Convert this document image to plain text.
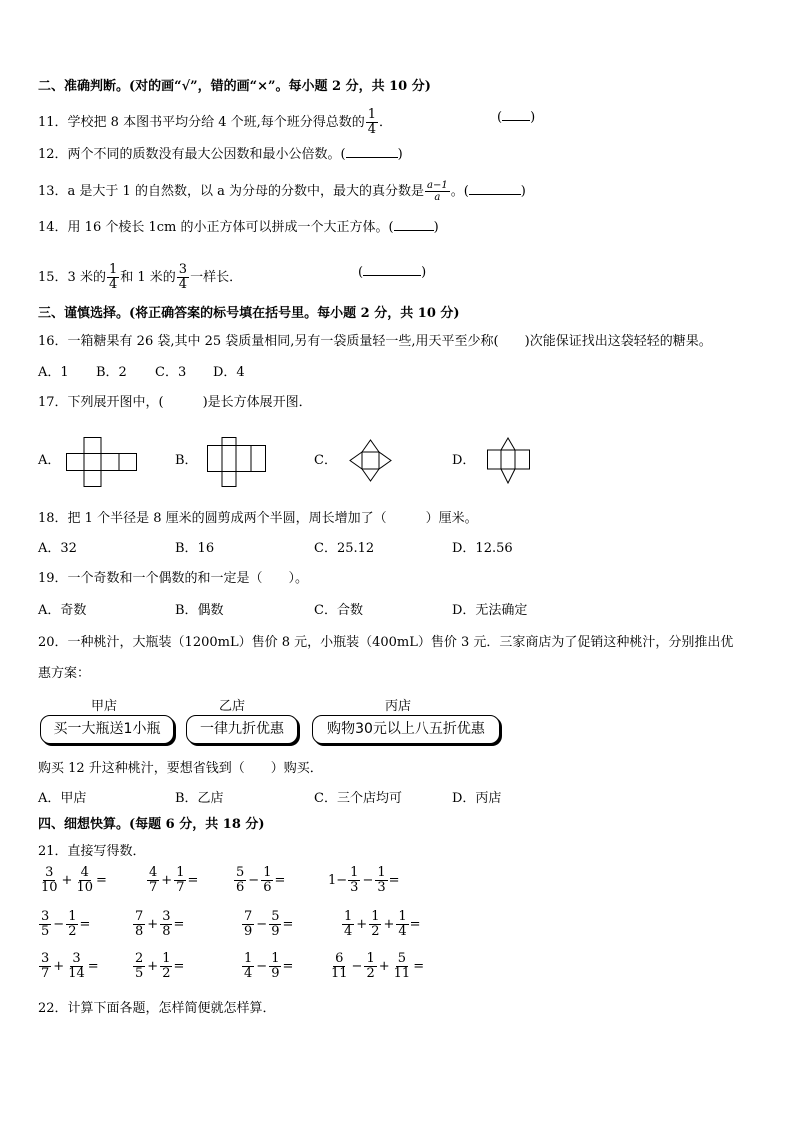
二、准确判断。(对的画“√”，错的画“×”。每小题 2 分，共 10 分)
11．学校把 8 本图书平均分给 4 个班,每个班分得总数的 $\frac{1}{4}$ ．	( )
12．两个不同的质数没有最大公因数和最小公倍数。(	)
13．a 是大于 1 的自然数，以 a 为分母的分数中，最大的真分数是 $\frac{a-1}{a}$ 。(	)
14．用 16 个棱长 1cm 的小正方体可以拼成一个大正方体。(	)
15．3 米的 $\frac{1}{4}$ 和 1 米的 $\frac{3}{4}$ 一样长．	(	)
三、谨慎选择。(将正确答案的标号填在括号里。每小题 2 分，共 10 分)
16．一箱糖果有 26 袋,其中 25 袋质量相同,另有一袋质量轻一些,用天平至少称(　　)次能保证找出这袋轻轻的糖果。
A．1 B．2 C．3 D．4
17．下列展开图中，(　　　)是长方体展开图．
A．	B．	C．	D．
18．把 1 个半径是 8 厘米的圆剪成两个半圆，周长增加了（　　　）厘米。
A．32	B．16	C．25.12	D．12.56
19．一个奇数和一个偶数的和一定是（　　）。
A．奇数	B．偶数	C．合数	D．无法确定
20．一种桃汁，大瓶装（1200mL）售价 8 元，小瓶装（400mL）售价 3 元．三家商店为了促销这种桃汁，分别推出优
惠方案：
甲店	乙店	丙店
买一大瓶送1小瓶	一律九折优惠	购物30元以上八五折优惠
购买 12 升这种桃汁，要想省钱到（　　）购买．
A．甲店	B．乙店	C．三个店均可	D．丙店
四、细想快算。(每题 6 分，共 18 分)
21．直接写得数．
$\frac{3}{10} + \frac{4}{10}$ =	$\frac{4}{7} + \frac{1}{7}$ =	$\frac{5}{6} - \frac{1}{6}$ =	$1- \frac{1}{3} - \frac{1}{3}$ =
$\frac{3}{5} - \frac{1}{2}$ =	$\frac{7}{8} + \frac{3}{8}$ =	$\frac{7}{9} - \frac{5}{9}$ =	$\frac{1}{4} + \frac{1}{2} + \frac{1}{4}$ =
$\frac{3}{7} + \frac{3}{14}$ =	$\frac{2}{5} + \frac{1}{2}$ =	$\frac{1}{4} - \frac{1}{9}$ =	$\frac{6}{11} - \frac{1}{2} + \frac{5}{11}$ =
22．计算下面各题，怎样简便就怎样算．
